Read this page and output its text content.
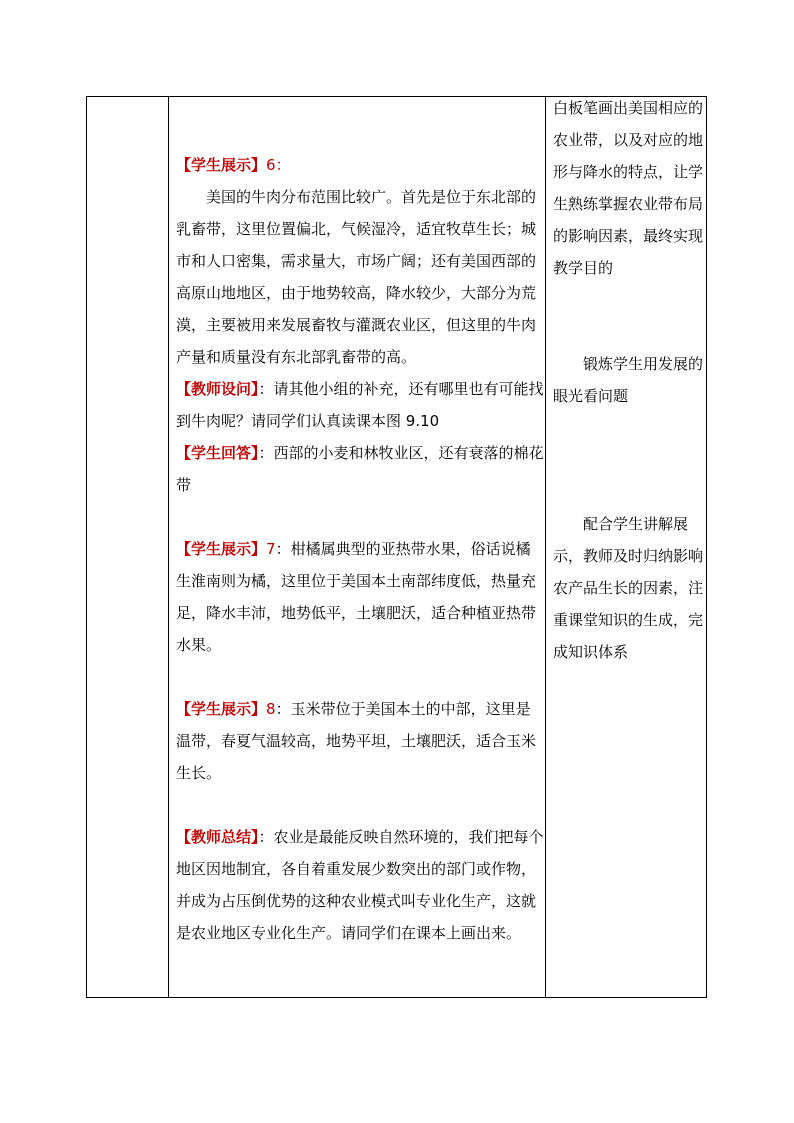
【学生展示】6：

美国的牛肉分布范围比较广。首先是位于东北部的乳畜带，这里位置偏北，气候湿冷，适宜牧草生长；城市和人口密集，需求量大，市场广阔；还有美国西部的高原山地地区，由于地势较高，降水较少，大部分为荒漠，主要被用来发展畜牧与灌溉农业区，但这里的牛肉产量和质量没有东北部乳畜带的高。

【教师设问】：请其他小组的补充，还有哪里也有可能找到牛肉呢？请同学们认真读课本图 9.10

【学生回答】：西部的小麦和林牧业区，还有衰落的棉花带

【学生展示】7：柑橘属典型的亚热带水果，俗话说橘生淮南则为橘，这里位于美国本土南部纬度低，热量充足，降水丰沛，地势低平，土壤肥沃，适合种植亚热带水果。

【学生展示】8：玉米带位于美国本土的中部，这里是温带，春夏气温较高，地势平坦，土壤肥沃，适合玉米生长。

【教师总结】：农业是最能反映自然环境的，我们把每个地区因地制宜，各自着重发展少数突出的部门或作物，并成为占压倒优势的这种农业模式叫专业化生产，这就是农业地区专业化生产。请同学们在课本上画出来。

白板笔画出美国相应的农业带，以及对应的地形与降水的特点，让学生熟练掌握农业带布局的影响因素，最终实现教学目的

锻炼学生用发展的眼光看问题

配合学生讲解展示，教师及时归纳影响农产品生长的因素，注重课堂知识的生成，完成知识体系
